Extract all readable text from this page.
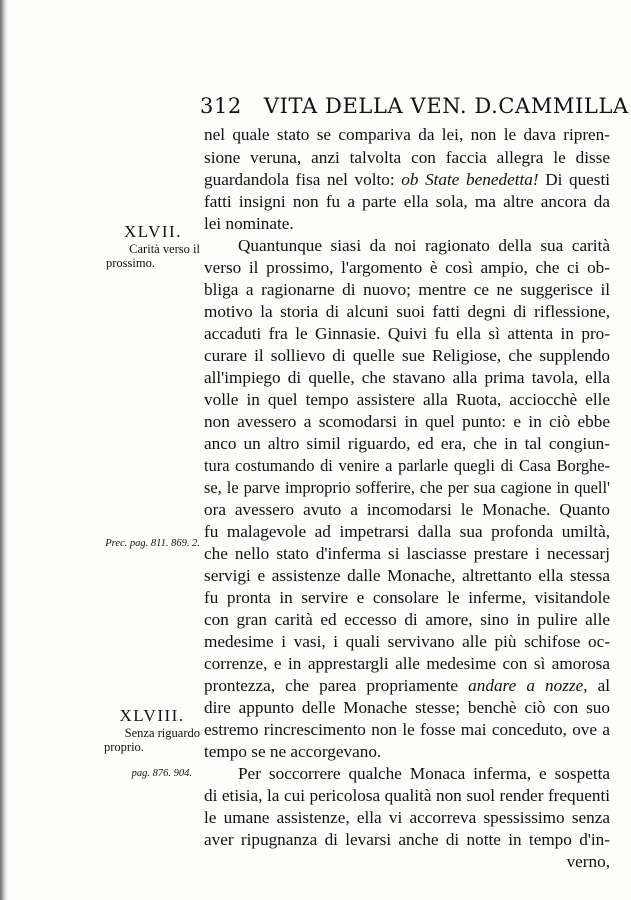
312 VITA DELLA VEN. D.CAMMILLA
XLVII.
Carità verso il
prossimo.
Prec. pag. 811. 869. 2.
XLVIII.
Senza riguardo
proprio.
pag. 876. 904.
nel quale stato se compariva da lei, non le dava ripren-
sione veruna, anzi talvolta con faccia allegra le disse
guardandola fisa nel volto: ob State benedetta! Di questi
fatti insigni non fu a parte ella sola, ma altre ancora da
lei nominate.
Quantunque siasi da noi ragionato della sua carità
verso il prossimo, l'argomento è così ampio, che ci ob-
bliga a ragionarne di nuovo; mentre ce ne suggerisce il
motivo la storia di alcuni suoi fatti degni di riflessione,
accaduti fra le Ginnasie. Quivi fu ella sì attenta in pro-
curare il sollievo di quelle sue Religiose, che supplendo
all'impiego di quelle, che stavano alla prima tavola, ella
volle in quel tempo assistere alla Ruota, acciocchè elle
non avessero a scomodarsi in quel punto: e in ciò ebbe
anco un altro simil riguardo, ed era, che in tal congiun-
tura costumando di venire a parlarle quegli di Casa Borghe-
se, le parve improprio sofferire, che per sua cagione in quell'
ora avessero avuto a incomodarsi le Monache. Quanto
fu malagevole ad impetrarsi dalla sua profonda umiltà,
che nello stato d'inferma si lasciasse prestare i necessarj
servigi e assistenze dalle Monache, altrettanto ella stessa
fu pronta in servire e consolare le inferme, visitandole
con gran carità ed eccesso di amore, sino in pulire alle
medesime i vasi, i quali servivano alle più schifose oc-
correnze, e in apprestargli alle medesime con sì amorosa
prontezza, che parea propriamente andare a nozze, al
dire appunto delle Monache stesse; benchè ciò con suo
estremo rincrescimento non le fosse mai conceduto, ove a
tempo se ne accorgevano.
Per soccorrere qualche Monaca inferma, e sospetta
di etisia, la cui pericolosa qualità non suol render frequenti
le umane assistenze, ella vi accorreva spessissimo senza
aver ripugnanza di levarsi anche di notte in tempo d'in-
verno,
